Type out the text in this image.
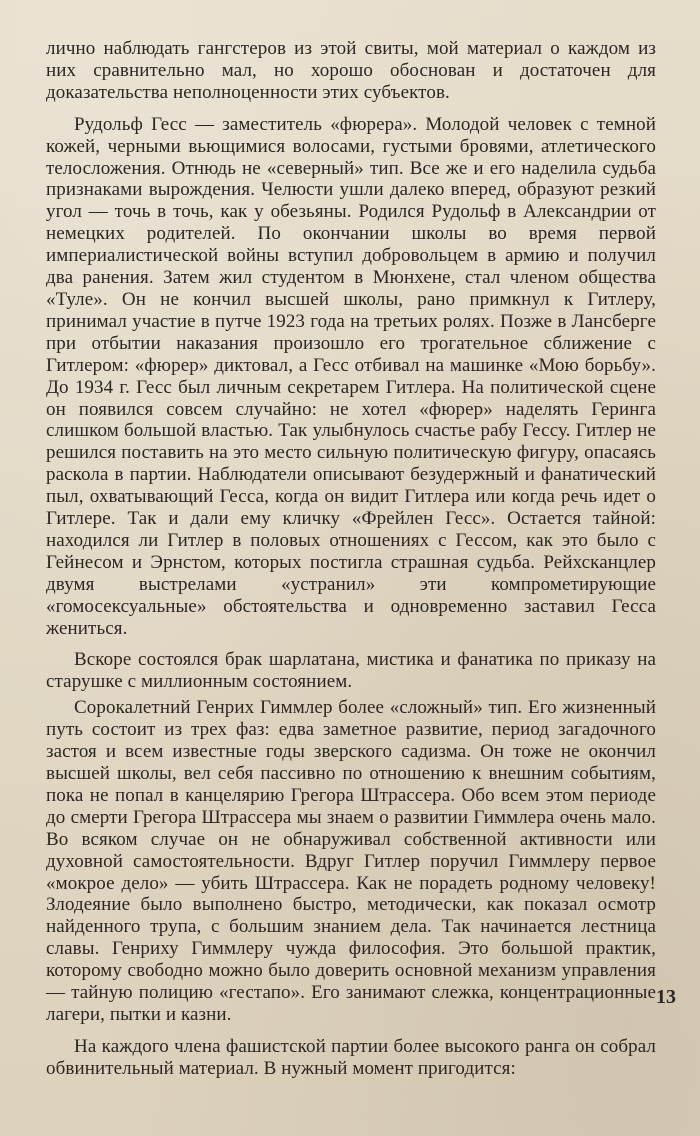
лично наблюдать гангстеров из этой свиты, мой материал о каждом из них сравнительно мал, но хорошо обоснован и достаточен для доказательства неполноценности этих субъектов.

Рудольф Гесс — заместитель «фюрера». Молодой человек с темной кожей, черными вьющимися волосами, густыми бровями, атлетического телосложения. Отнюдь не «северный» тип. Все же и его наделила судьба признаками вырождения. Челюсти ушли далеко вперед, образуют резкий угол — точь в точь, как у обезьяны. Родился Рудольф в Александрии от немецких родителей. По окончании школы во время первой империалистической войны вступил добровольцем в армию и получил два ранения. Затем жил студентом в Мюнхене, стал членом общества «Туле». Он не кончил высшей школы, рано примкнул к Гитлеру, принимал участие в путче 1923 года на третьих ролях. Позже в Лансберге при отбытии наказания произошло его трогательное сближение с Гитлером: «фюрер» диктовал, а Гесс отбивал на машинке «Мою борьбу». До 1934 г. Гесс был личным секретарем Гитлера. На политической сцене он появился совсем случайно: не хотел «фюрер» наделять Геринга слишком большой властью. Так улыбнулось счастье рабу Гессу. Гитлер не решился поставить на это место сильную политическую фигуру, опасаясь раскола в партии. Наблюдатели описывают безудержный и фанатический пыл, охватывающий Гесса, когда он видит Гитлера или когда речь идет о Гитлере. Так и дали ему кличку «Фрейлен Гесс». Остается тайной: находился ли Гитлер в половых отношениях с Гессом, как это было с Гейнесом и Эрнстом, которых постигла страшная судьба. Рейхсканцлер двумя выстрелами «устранил» эти компрометирующие «гомосексуальные» обстоятельства и одновременно заставил Гесса жениться.

Вскоре состоялся брак шарлатана, мистика и фанатика по приказу на старушке с миллионным состоянием.

Сорокалетний Генрих Гиммлер более «сложный» тип. Его жизненный путь состоит из трех фаз: едва заметное развитие, период загадочного застоя и всем известные годы зверского садизма. Он тоже не окончил высшей школы, вел себя пассивно по отношению к внешним событиям, пока не попал в канцелярию Грегора Штрассера. Обо всем этом периоде до смерти Грегора Штрассера мы знаем о развитии Гиммлера очень мало. Во всяком случае он не обнаруживал собственной активности или духовной самостоятельности. Вдруг Гитлер поручил Гиммлеру первое «мокрое дело» — убить Штрассера. Как не порадеть родному человеку! Злодеяние было выполнено быстро, методически, как показал осмотр найденного трупа, с большим знанием дела. Так начинается лестница славы. Генриху Гиммлеру чужда философия. Это большой практик, которому свободно можно было доверить основной механизм управления — тайную полицию «гестапо». Его занимают слежка, концентрационные лагери, пытки и казни.

На каждого члена фашистской партии более высокого ранга он собрал обвинительный материал. В нужный момент пригодится:

13
